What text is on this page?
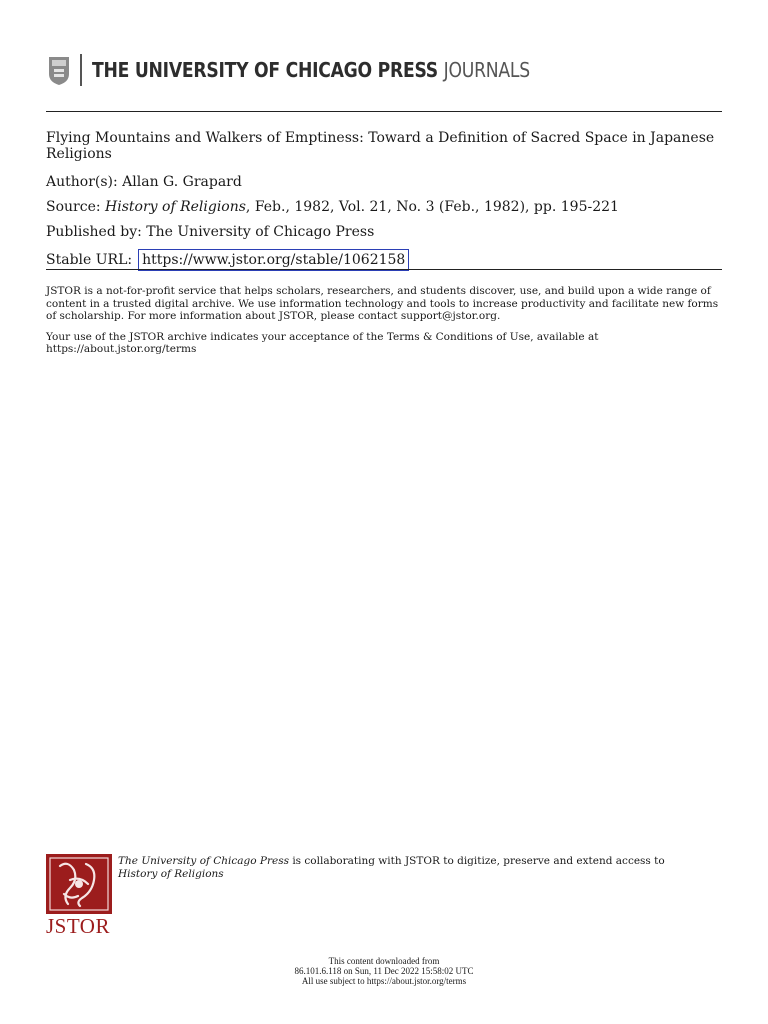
THE UNIVERSITY OF CHICAGO PRESS JOURNALS
Flying Mountains and Walkers of Emptiness: Toward a Definition of Sacred Space in Japanese Religions
Author(s): Allan G. Grapard
Source: History of Religions, Feb., 1982, Vol. 21, No. 3 (Feb., 1982), pp. 195-221
Published by: The University of Chicago Press
Stable URL: https://www.jstor.org/stable/1062158

JSTOR is a not-for-profit service that helps scholars, researchers, and students discover, use, and build upon a wide range of content in a trusted digital archive. We use information technology and tools to increase productivity and facilitate new forms of scholarship. For more information about JSTOR, please contact support@jstor.org.

Your use of the JSTOR archive indicates your acceptance of the Terms & Conditions of Use, available at https://about.jstor.org/terms

JSTOR
The University of Chicago Press is collaborating with JSTOR to digitize, preserve and extend access to History of Religions
This content downloaded from
86.101.6.118 on Sun, 11 Dec 2022 15:58:02 UTC
All use subject to https://about.jstor.org/terms
